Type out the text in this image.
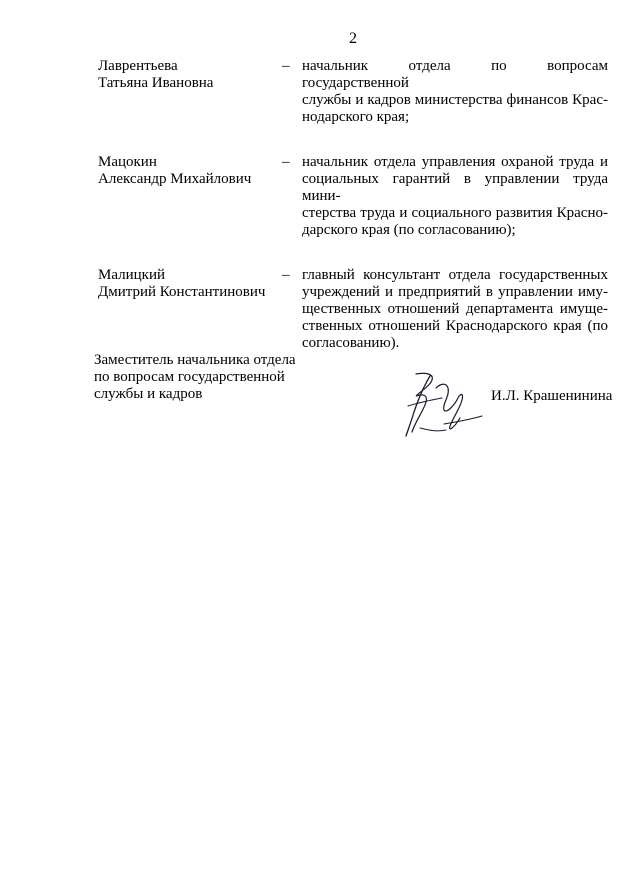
2
Лаврентьева
Татьяна Ивановна
– начальник отдела по вопросам государственной
службы и кадров министерства финансов Крас-
нодарского края;
Мацокин
Александр Михайлович
– начальник отдела управления охраной труда и
социальных гарантий в управлении труда мини-
стерства труда и социального развития Красно-
дарского края (по согласованию);
Малицкий
Дмитрий Константинович
– главный консультант отдела государственных
учреждений и предприятий в управлении иму-
щественных отношений департамента имуще-
ственных отношений Краснодарского края (по
согласованию).
Заместитель начальника отдела
по вопросам государственной
службы и кадров	И.Л. Крашенинина
